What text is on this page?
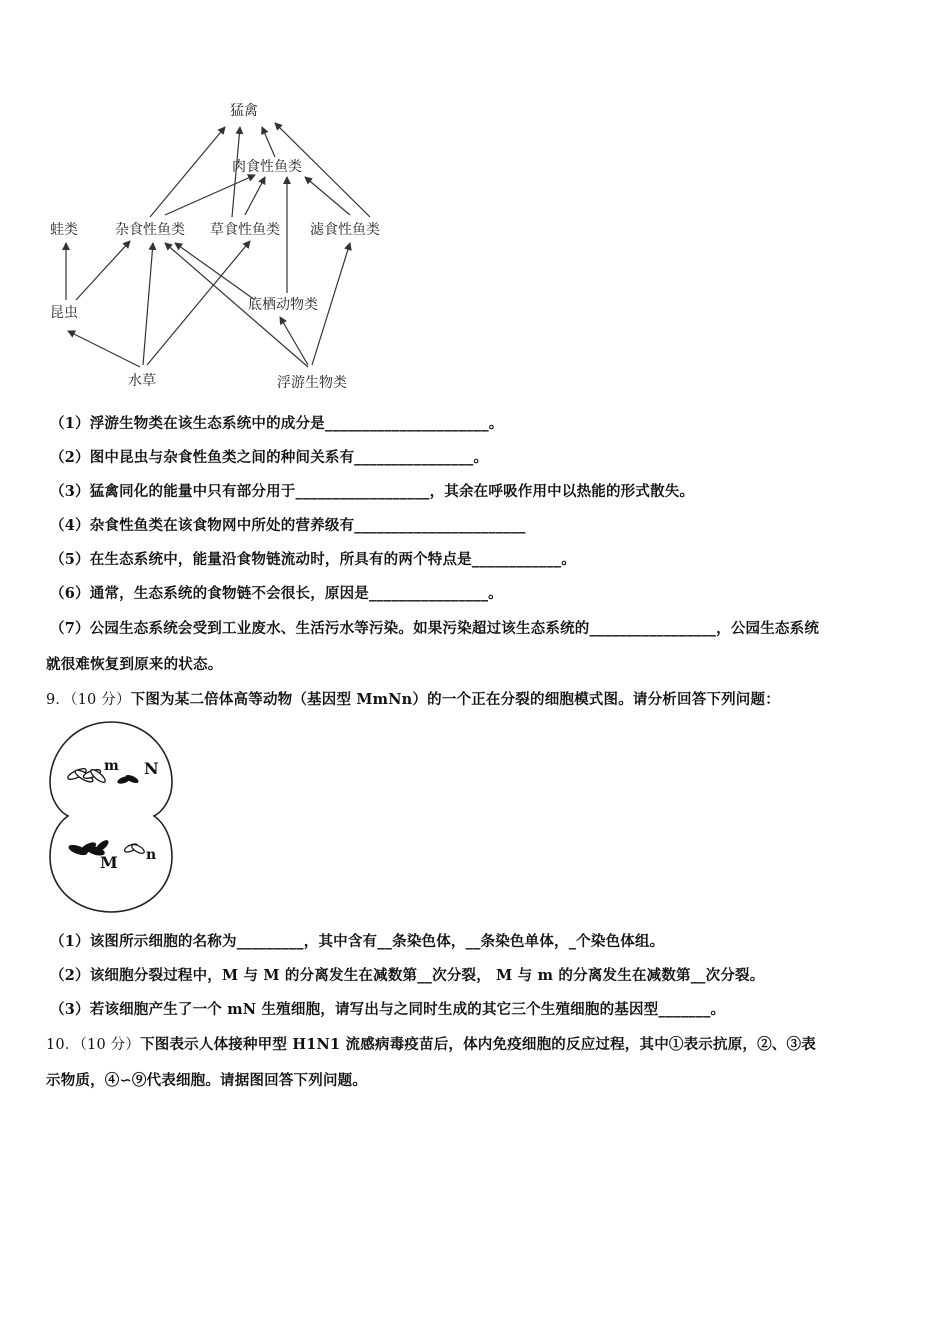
猛禽
肉食性鱼类
蛙类	杂食性鱼类 草食性鱼类 滤食性鱼类
昆虫	底栖动物类
水草	浮游生物类
（1）浮游生物类在该生态系统中的成分是______________________。
（2）图中昆虫与杂食性鱼类之间的种间关系有________________。
（3）猛禽同化的能量中只有部分用于__________________，其余在呼吸作用中以热能的形式散失。
（4）杂食性鱼类在该食物网中所处的营养级有_______________________
（5）在生态系统中，能量沿食物链流动时，所具有的两个特点是____________。
（6）通常，生态系统的食物链不会很长，原因是________________。
（7）公园生态系统会受到工业废水、生活污水等污染。如果污染超过该生态系统的_________________，公园生态系统
就很难恢复到原来的状态。
9．（10 分）下图为某二倍体高等动物（基因型 MmNn）的一个正在分裂的细胞模式图。请分析回答下列问题：
m N
M n
（1）该图所示细胞的名称为_________，其中含有__条染色体，__条染色单体，_个染色体组。
（2）该细胞分裂过程中，M 与 M 的分离发生在减数第__次分裂， M 与 m 的分离发生在减数第__次分裂。
（3）若该细胞产生了一个 mN 生殖细胞，请写出与之同时生成的其它三个生殖细胞的基因型_______。
10．（10 分）下图表示人体接种甲型 H1N1 流感病毒疫苗后，体内免疫细胞的反应过程，其中①表示抗原，②、③表
示物质，④∽⑨代表细胞。请据图回答下列问题。
